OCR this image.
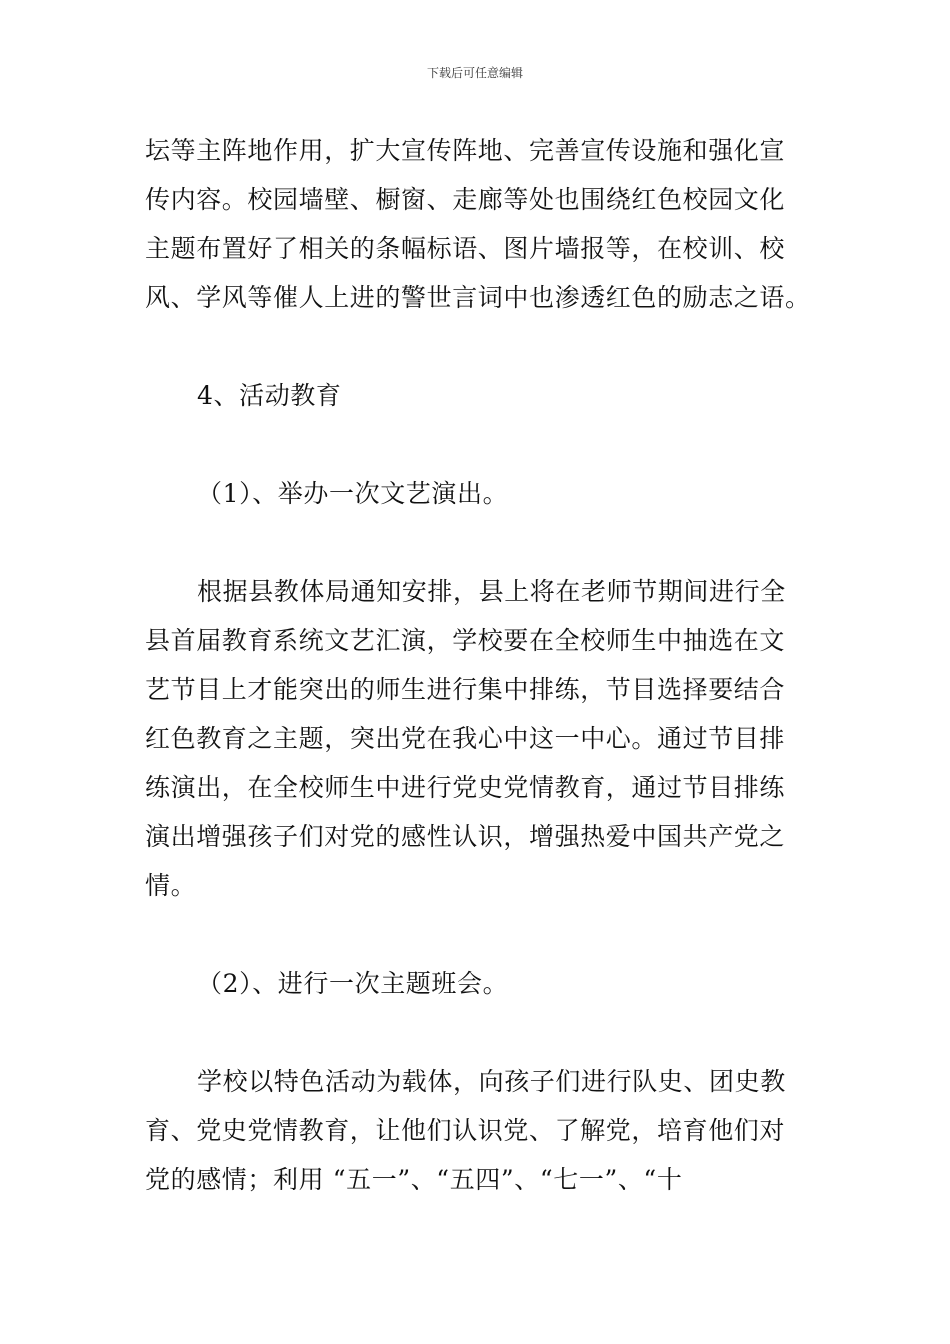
下载后可任意编辑
坛等主阵地作用，扩大宣传阵地、完善宣传设施和强化宣
传内容。校园墙壁、橱窗、走廊等处也围绕红色校园文化
主题布置好了相关的条幅标语、图片墙报等，在校训、校
风、学风等催人上进的警世言词中也渗透红色的励志之语。
4、活动教育
（1）、举办一次文艺演出。
根据县教体局通知安排，县上将在老师节期间进行全
县首届教育系统文艺汇演，学校要在全校师生中抽选在文
艺节目上才能突出的师生进行集中排练，节目选择要结合
红色教育之主题，突出党在我心中这一中心。通过节目排
练演出，在全校师生中进行党史党情教育，通过节目排练
演出增强孩子们对党的感性认识，增强热爱中国共产党之
情。
（2）、进行一次主题班会。
学校以特色活动为载体，向孩子们进行队史、团史教
育、党史党情教育，让他们认识党、了解党，培育他们对
党的感情；利用 “五一”、“五四”、“七一”、“十
